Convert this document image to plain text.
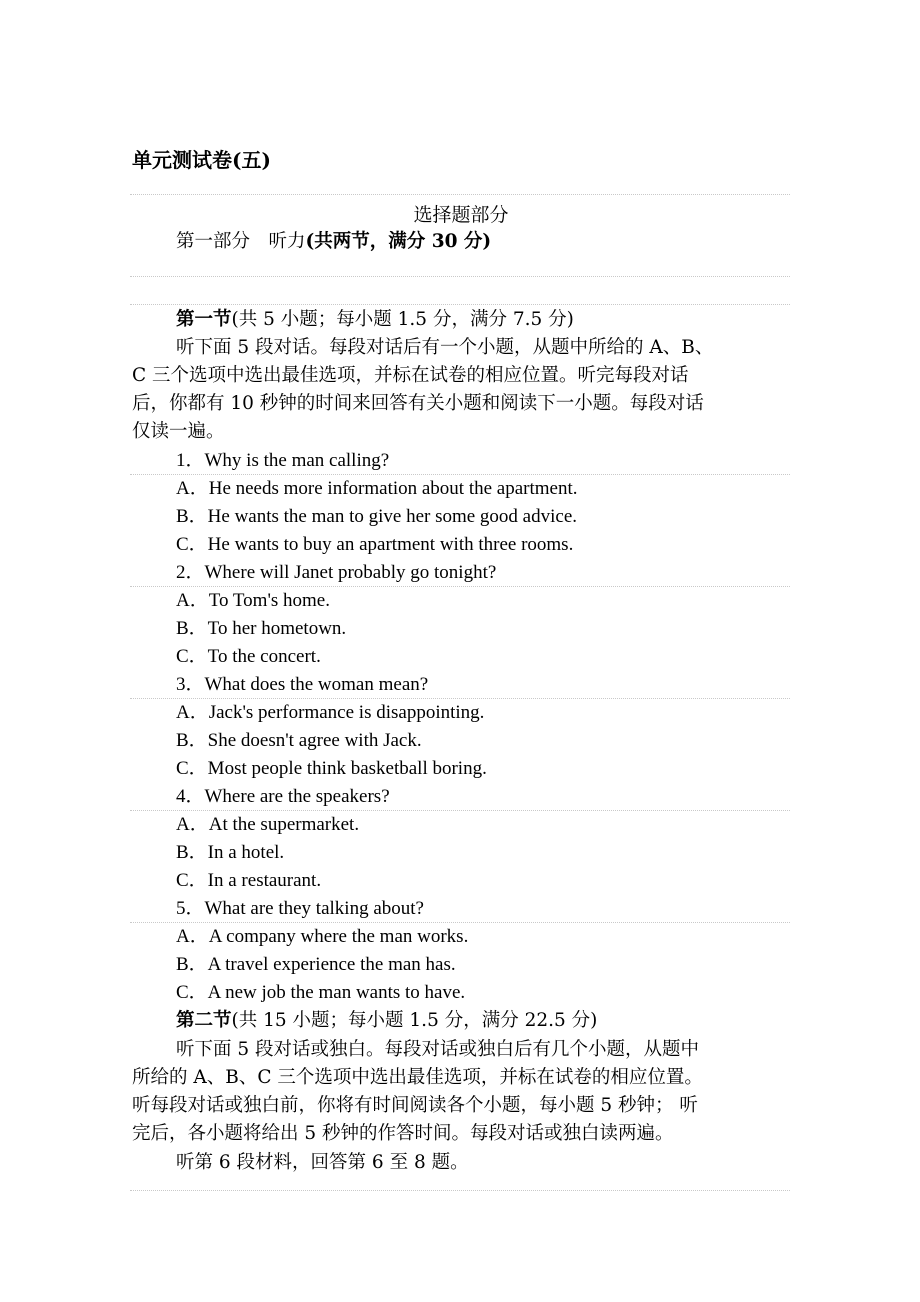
单元测试卷(五)
选择题部分
第一部分　 听力(共两节，满分 30 分)
第一节(共 5 小题；每小题 1.5 分，满分 7.5 分)
听下面 5 段对话。每段对话后有一个小题，从题中所给的 A、B、
C 三个选项中选出最佳选项，并标在试卷的相应位置。听完每段对话
后，你都有 10 秒钟的时间来回答有关小题和阅读下一小题。每段对话
仅读一遍。
1．Why is the man calling?
A．He needs more information about the apartment.
B．He wants the man to give her some good advice.
C．He wants to buy an apartment with three rooms.
2．Where will Janet probably go tonight?
A．To Tom's home.
B．To her hometown.
C．To the concert.
3．What does the woman mean?
A．Jack's performance is disappointing.
B．She doesn't agree with Jack.
C．Most people think basketball boring.
4．Where are the speakers?
A．At the supermarket.
B．In a hotel.
C．In a restaurant.
5．What are they talking about?
A．A company where the man works.
B．A travel experience the man has.
C．A new job the man wants to have.
第二节(共 15 小题；每小题 1.5 分，满分 22.5 分)
听下面 5 段对话或独白。每段对话或独白后有几个小题，从题中
所给的 A、B、C 三个选项中选出最佳选项，并标在试卷的相应位置。
听每段对话或独白前，你将有时间阅读各个小题，每小题 5 秒钟； 听
完后，各小题将给出 5 秒钟的作答时间。每段对话或独白读两遍。
听第 6 段材料，回答第 6 至 8 题。
